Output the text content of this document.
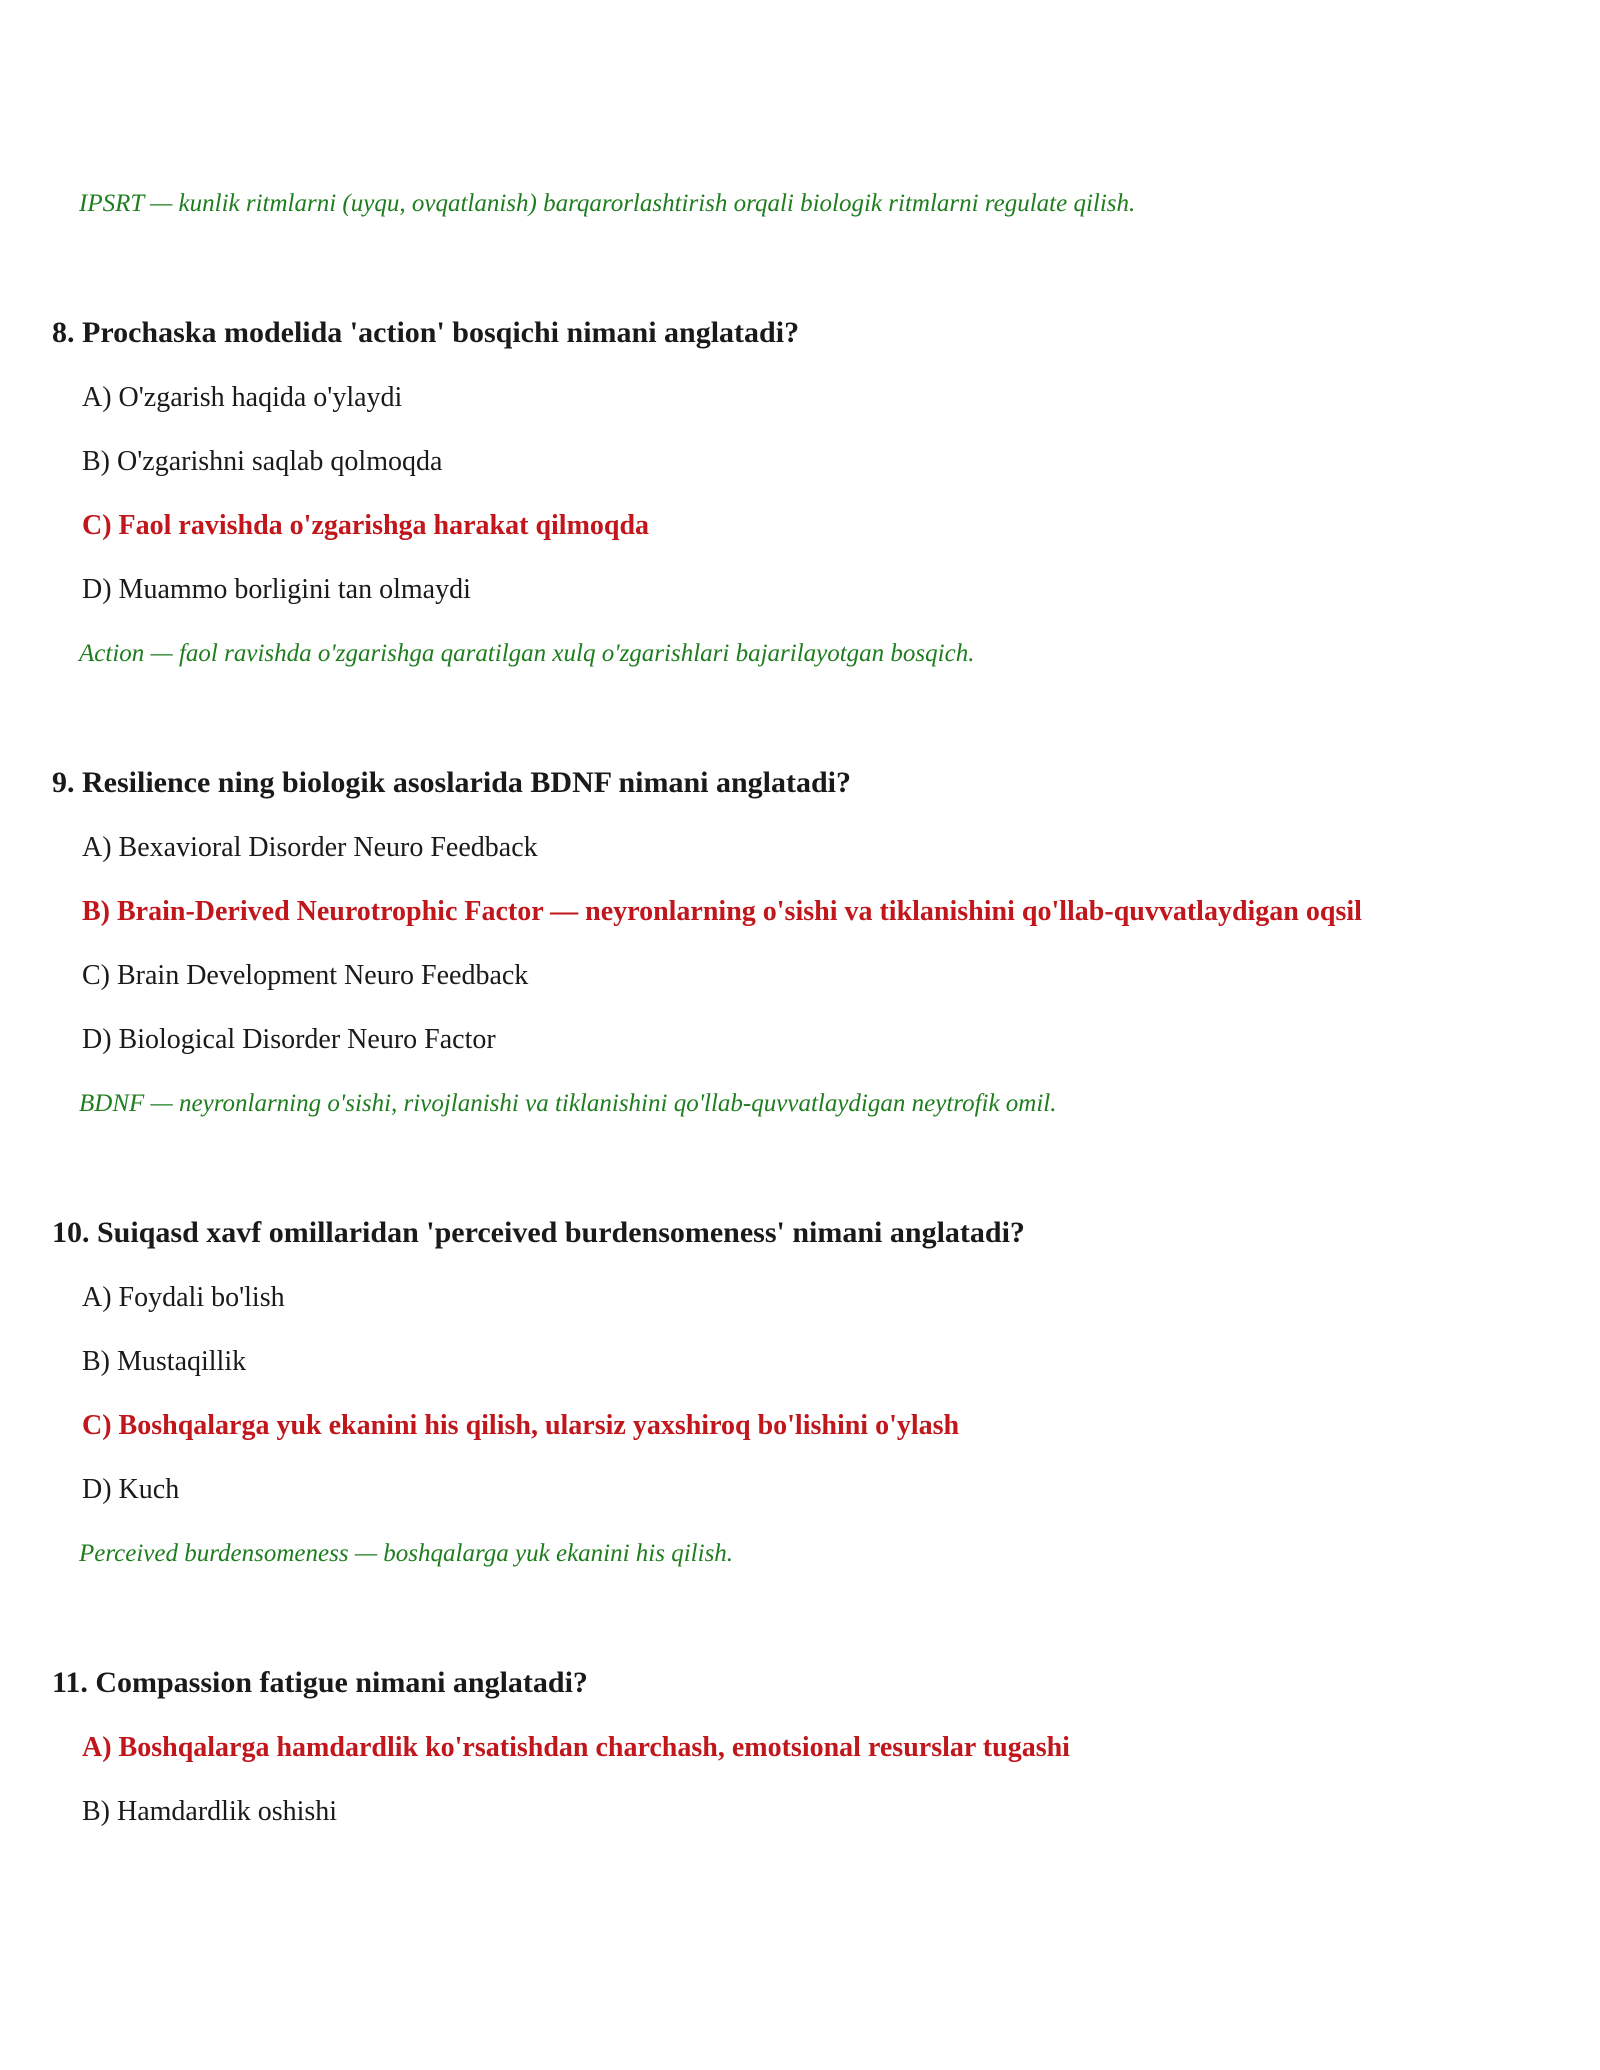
IPSRT — kunlik ritmlarni (uyqu, ovqatlanish) barqarorlashtirish orqali biologik ritmlarni regulate qilish.
8. Prochaska modelida 'action' bosqichi nimani anglatadi?
A) O'zgarish haqida o'ylaydi
B) O'zgarishni saqlab qolmoqda
C) Faol ravishda o'zgarishga harakat qilmoqda
D) Muammo borligini tan olmaydi
Action — faol ravishda o'zgarishga qaratilgan xulq o'zgarishlari bajarilayotgan bosqich.
9. Resilience ning biologik asoslarida BDNF nimani anglatadi?
A) Bexavioral Disorder Neuro Feedback
B) Brain-Derived Neurotrophic Factor — neyronlarning o'sishi va tiklanishini qo'llab-quvvatlaydigan oqsil
C) Brain Development Neuro Feedback
D) Biological Disorder Neuro Factor
BDNF — neyronlarning o'sishi, rivojlanishi va tiklanishini qo'llab-quvvatlaydigan neytrofik omil.
10. Suiqasd xavf omillaridan 'perceived burdensomeness' nimani anglatadi?
A) Foydali bo'lish
B) Mustaqillik
C) Boshqalarga yuk ekanini his qilish, ularsiz yaxshiroq bo'lishini o'ylash
D) Kuch
Perceived burdensomeness — boshqalarga yuk ekanini his qilish.
11. Compassion fatigue nimani anglatadi?
A) Boshqalarga hamdardlik ko'rsatishdan charchash, emotsional resurslar tugashi
B) Hamdardlik oshishi
